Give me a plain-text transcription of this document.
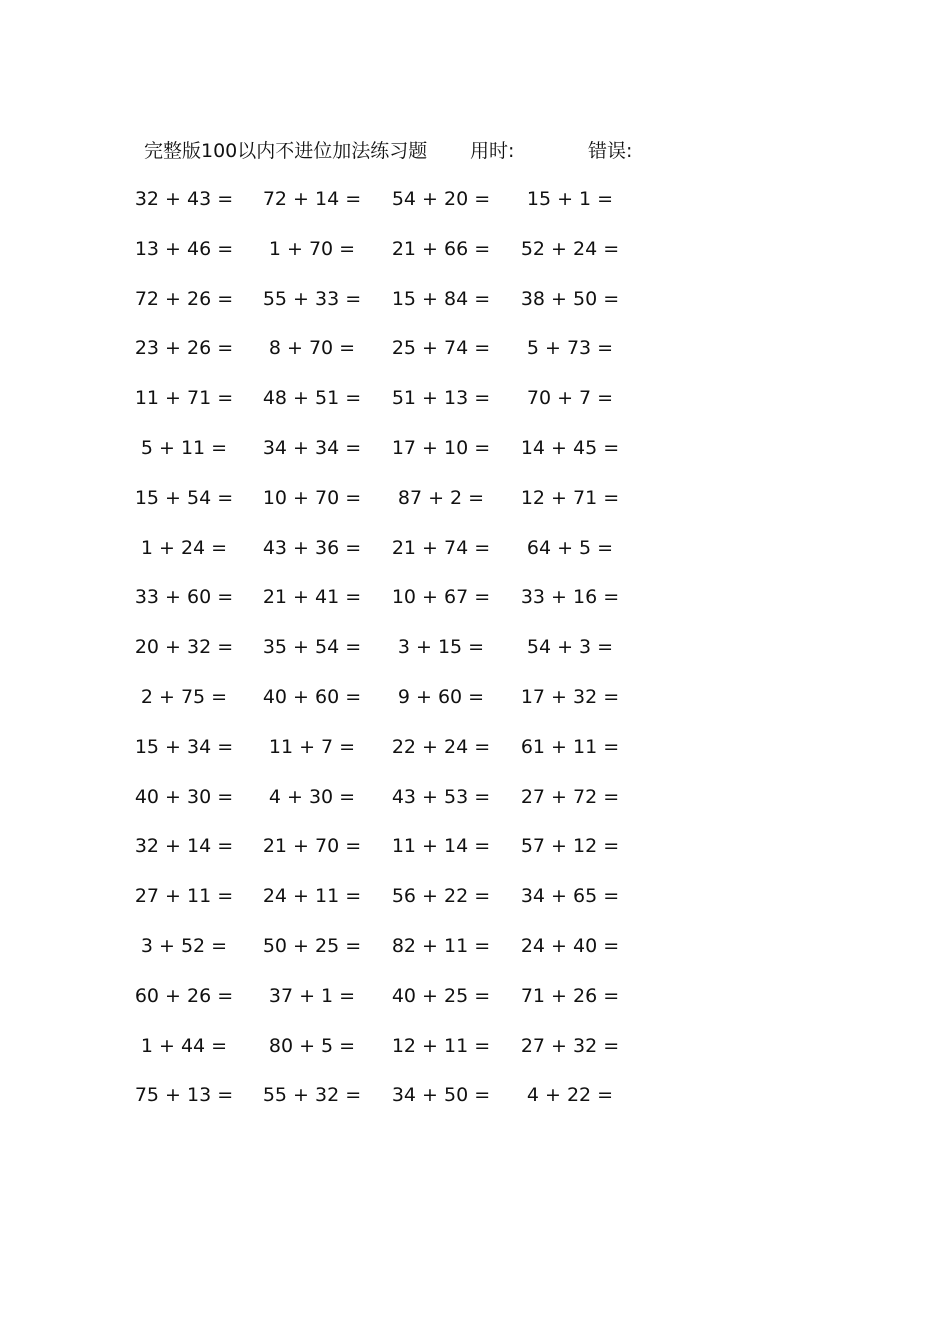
完整版100以内不进位加法练习题 用时:	错误:
32 + 43 =	72 + 14 =	54 + 20 =	15 + 1 =
13 + 46 =	1 + 70 =	21 + 66 =	52 + 24 =
72 + 26 =	55 + 33 =	15 + 84 =	38 + 50 =
23 + 26 =	8 + 70 =	25 + 74 =	5 + 73 =
11 + 71 =	48 + 51 =	51 + 13 =	70 + 7 =
5 + 11 =	34 + 34 =	17 + 10 =	14 + 45 =
15 + 54 =	10 + 70 =	87 + 2 =	12 + 71 =
1 + 24 =	43 + 36 =	21 + 74 =	64 + 5 =
33 + 60 =	21 + 41 =	10 + 67 =	33 + 16 =
20 + 32 =	35 + 54 =	3 + 15 =	54 + 3 =
2 + 75 =	40 + 60 =	9 + 60 =	17 + 32 =
15 + 34 =	11 + 7 =	22 + 24 =	61 + 11 =
40 + 30 =	4 + 30 =	43 + 53 =	27 + 72 =
32 + 14 =	21 + 70 =	11 + 14 =	57 + 12 =
27 + 11 =	24 + 11 =	56 + 22 =	34 + 65 =
3 + 52 =	50 + 25 =	82 + 11 =	24 + 40 =
60 + 26 =	37 + 1 =	40 + 25 =	71 + 26 =
1 + 44 =	80 + 5 =	12 + 11 =	27 + 32 =
75 + 13 =	55 + 32 =	34 + 50 =	4 + 22 =
